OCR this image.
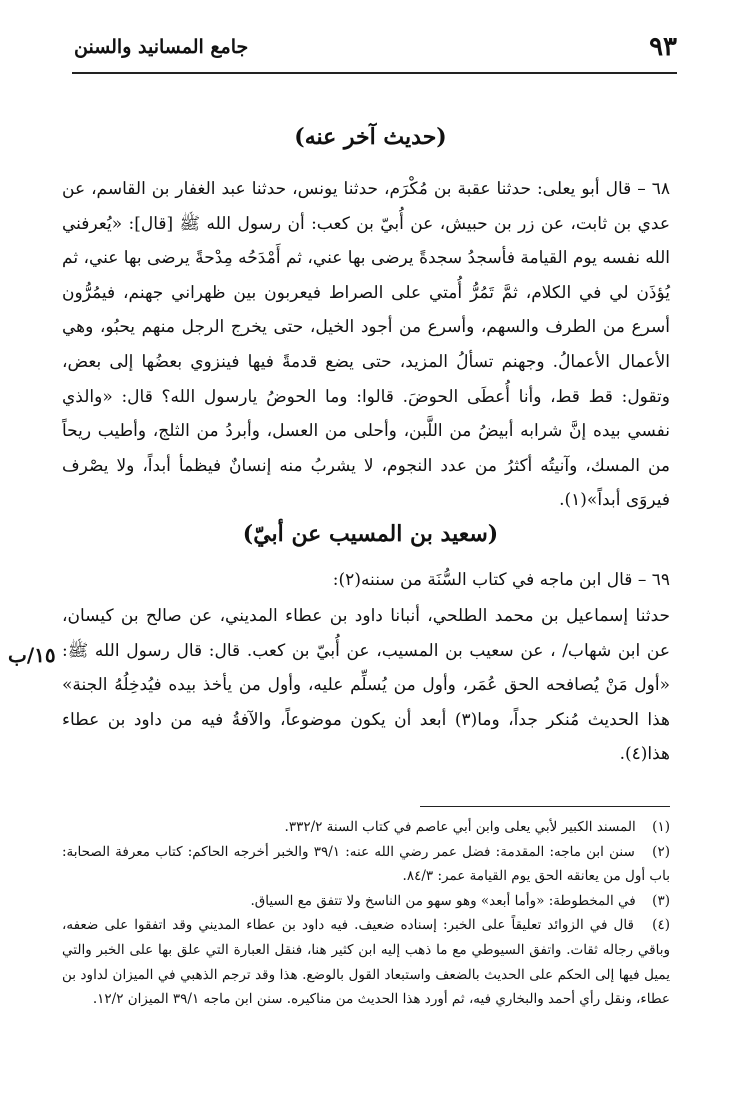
٩٣
جامع المسانيد والسنن
(حديث آخر عنه)
٦٨ – قال أبو يعلى: حدثنا عقبة بن مُكْرَم، حدثنا يونس، حدثنا عبد الغفار بن القاسم، عن عدي بن ثابت، عن زر بن حبيش، عن أُبيّ بن كعب: أن رسول الله ﷺ [قال]: «يُعرفني الله نفسه يوم القيامة فأسجدُ سجدةً يرضى بها عني، ثم أَمْدَحُه مِدْحةً يرضى بها عني، ثم يُؤذَن لي في الكلام، ثمَّ تَمُرُّ أُمتي على الصراط فيعربون بين ظهراني جهنم، فيمُرُّون أسرع من الطرف والسهم، وأسرع من أجود الخيل، حتى يخرج الرجل منهم يحبُو، وهي الأعمال الأعمالُ. وجهنم تسألُ المزيد، حتى يضع قدمةً فيها فينزوي بعضُها إلى بعض، وتقول: قط قط، وأنا أُعطَى الحوضَ. قالوا: وما الحوضُ يارسول الله؟ قال: «والذي نفسي بيده إنَّ شرابه أبيضُ من اللَّبن، وأحلى من العسل، وأبردُ من الثلج، وأطيب ريحاً من المسك، وآنيتُه أكثرُ من عدد النجوم، لا يشربُ منه إنسانٌ فيظمأ أبداً، ولا يصْرف فيروَى أبداً»(١).
(سعيد بن المسيب عن أبيّ)
٦٩ – قال ابن ماجه في كتاب السُّنَة من سننه(٢):
حدثنا إسماعيل بن محمد الطلحي، أنبانا داود بن عطاء المديني، عن صالح بن كيسان، عن ابن شهاب/ ، عن سعيب بن المسيب، عن أُبيّ بن كعب. قال: قال رسول الله ﷺ: «أول مَنْ يُصافحه الحق عُمَر، وأول من يُسلِّم عليه، وأول من يأخذ بيده فيُدخِلُهُ الجنة» هذا الحديث مُنكر جداً، وما(٣) أبعد أن يكون موضوعاً، والآفةُ فيه من داود بن عطاء هذا(٤).
١٥/ب

(١) المسند الكبير لأبي يعلى وابن أبي عاصم في كتاب السنة ٣٣٢/٢.

(٢) سنن ابن ماجه: المقدمة: فضل عمر رضي الله عنه: ٣٩/١ والخبر أخرجه الحاكم: كتاب معرفة الصحابة: باب أول من يعانقه الحق يوم القيامة عمر: ٨٤/٣.

(٣) في المخطوطة: «وأما أبعد» وهو سهو من الناسخ ولا تتفق مع السياق.

(٤) قال في الزوائد تعليقاً على الخبر: إسناده ضعيف. فيه داود بن عطاء المديني وقد اتفقوا على ضعفه، وباقي رجاله ثقات. واتفق السيوطي مع ما ذهب إليه ابن كثير هنا، فنقل العبارة التي علق بها على الخبر والتي يميل فيها إلى الحكم على الحديث بالضعف واستبعاد القول بالوضع. هذا وقد ترجم الذهبي في الميزان لداود بن عطاء، ونقل رأي أحمد والبخاري فيه، ثم أورد هذا الحديث من مناكيره. سنن ابن ماجه ٣٩/١ الميزان ١٢/٢.
